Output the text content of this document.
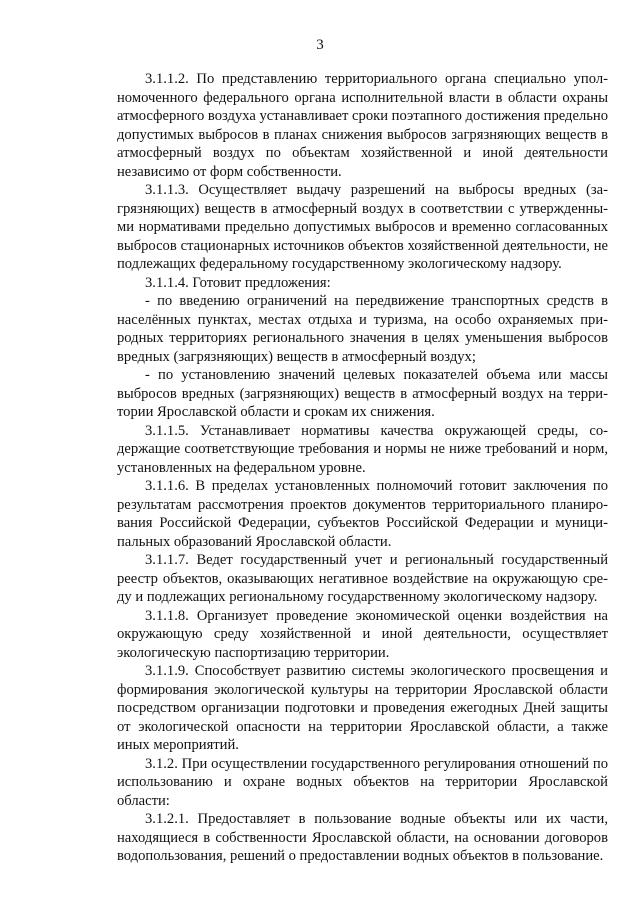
3

3.1.1.2. По представлению территориального органа специально уполномоченного федерального органа исполнительной власти в области охраны атмосферного воздуха устанавливает сроки поэтапного достижения предельно допустимых выбросов в планах снижения выбросов загрязняющих веществ в атмосферный воздух по объектам хозяйственной и иной деятельности независимо от форм собственности.

3.1.1.3. Осуществляет выдачу разрешений на выбросы вредных (загрязняющих) веществ в атмосферный воздух в соответствии с утвержденными нормативами предельно допустимых выбросов и временно согласованных выбросов стационарных источников объектов хозяйственной деятельности, не подлежащих федеральному государственному экологическому надзору.

3.1.1.4. Готовит предложения:

- по введению ограничений на передвижение транспортных средств в населённых пунктах, местах отдыха и туризма, на особо охраняемых природных территориях регионального значения в целях уменьшения выбросов вредных (загрязняющих) веществ в атмосферный воздух;

- по установлению значений целевых показателей объема или массы выбросов вредных (загрязняющих) веществ в атмосферный воздух на территории Ярославской области и срокам их снижения.

3.1.1.5. Устанавливает нормативы качества окружающей среды, содержащие соответствующие требования и нормы не ниже требований и норм, установленных на федеральном уровне.

3.1.1.6. В пределах установленных полномочий готовит заключения по результатам рассмотрения проектов документов территориального планирования Российской Федерации, субъектов Российской Федерации и муниципальных образований Ярославской области.

3.1.1.7. Ведет государственный учет и региональный государственный реестр объектов, оказывающих негативное воздействие на окружающую среду и подлежащих региональному государственному экологическому надзору.

3.1.1.8. Организует проведение экономической оценки воздействия на окружающую среду хозяйственной и иной деятельности, осуществляет экологическую паспортизацию территории.

3.1.1.9. Способствует развитию системы экологического просвещения и формирования экологической культуры на территории Ярославской области посредством организации подготовки и проведения ежегодных Дней защиты от экологической опасности на территории Ярославской области, а также иных мероприятий.

3.1.2. При осуществлении государственного регулирования отношений по использованию и охране водных объектов на территории Ярославской области:

3.1.2.1. Предоставляет в пользование водные объекты или их части, находящиеся в собственности Ярославской области, на основании договоров водопользования, решений о предоставлении водных объектов в пользование.
